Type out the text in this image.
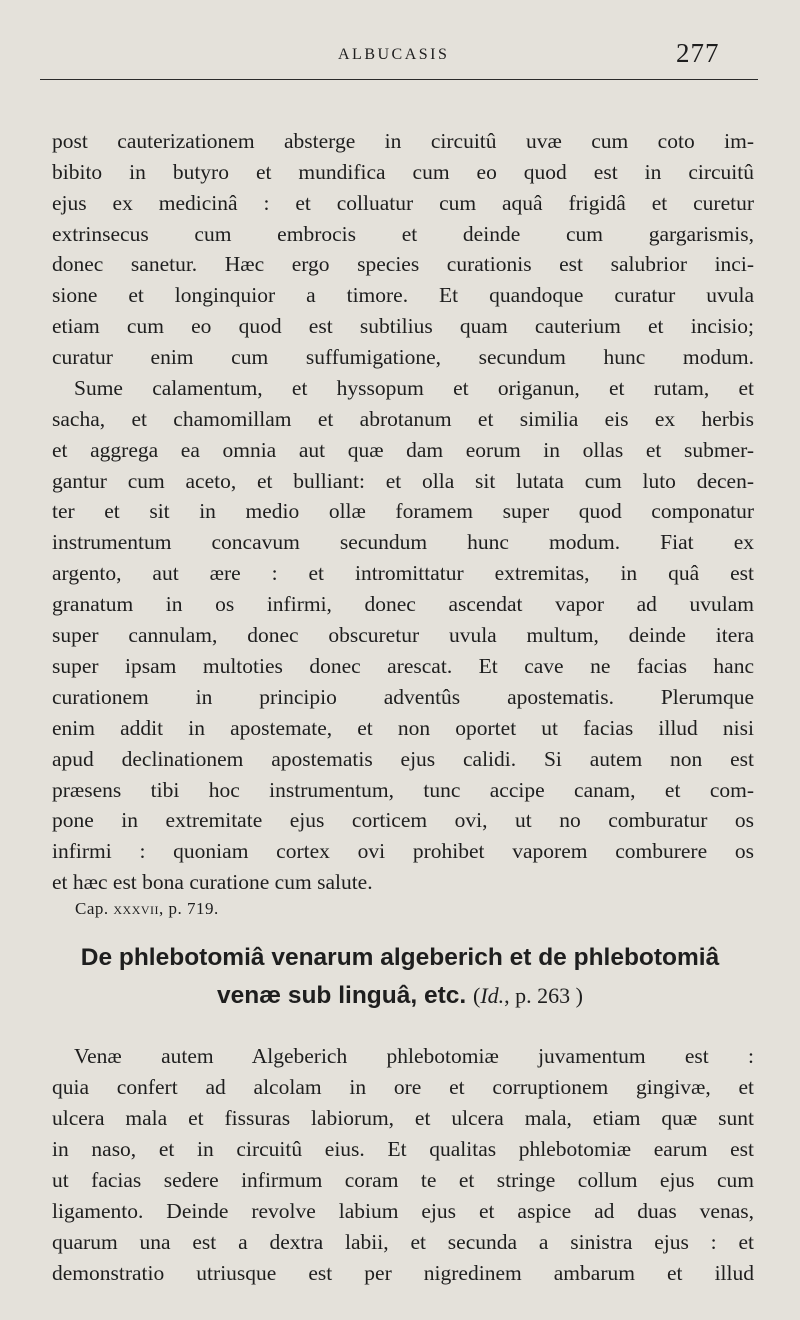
ALBUCASIS	277
post cauterizationem absterge in circuitû uvæ cum coto im-
bibito in butyro et mundifica cum eo quod est in circuitû
ejus ex medicinâ : et colluatur cum aquâ frigidâ et curetur
extrinsecus cum embrocis et deinde cum gargarismis,
donec sanetur. Hæc ergo species curationis est salubrior inci-
sione et longinquior a timore. Et quandoque curatur uvula
etiam cum eo quod est subtilius quam cauterium et incisio;
curatur enim cum suffumigatione, secundum hunc modum.
Sume calamentum, et hyssopum et origanun, et rutam, et
sacha, et chamomillam et abrotanum et similia eis ex herbis
et aggrega ea omnia aut quæ dam eorum in ollas et submer-
gantur cum aceto, et bulliant: et olla sit lutata cum luto decen-
ter et sit in medio ollæ foramem super quod componatur
instrumentum concavum secundum hunc modum. Fiat ex
argento, aut ære : et intromittatur extremitas, in quâ est
granatum in os infirmi, donec ascendat vapor ad uvulam
super cannulam, donec obscuretur uvula multum, deinde itera
super ipsam multoties donec arescat. Et cave ne facias hanc
curationem in principio adventûs apostematis. Plerumque
enim addit in apostemate, et non oportet ut facias illud nisi
apud declinationem apostematis ejus calidi. Si autem non est
præsens tibi hoc instrumentum, tunc accipe canam, et com-
pone in extremitate ejus corticem ovi, ut no comburatur os
infirmi : quoniam cortex ovi prohibet vaporem comburere os
et hæc est bona curatione cum salute.
Cap. xxxvii, p. 719.
De phlebotomiâ venarum algeberich et de phlebotomiâ
venæ sub linguâ, etc. (Id., p. 263 )
Venæ autem Algeberich phlebotomiæ juvamentum est :
quia confert ad alcolam in ore et corruptionem gingivæ, et
ulcera mala et fissuras labiorum, et ulcera mala, etiam quæ sunt
in naso, et in circuitû eius. Et qualitas phlebotomiæ earum est
ut facias sedere infirmum coram te et stringe collum ejus cum
ligamento. Deinde revolve labium ejus et aspice ad duas venas,
quarum una est a dextra labii, et secunda a sinistra ejus : et
demonstratio utriusque est per nigredinem ambarum et illud
